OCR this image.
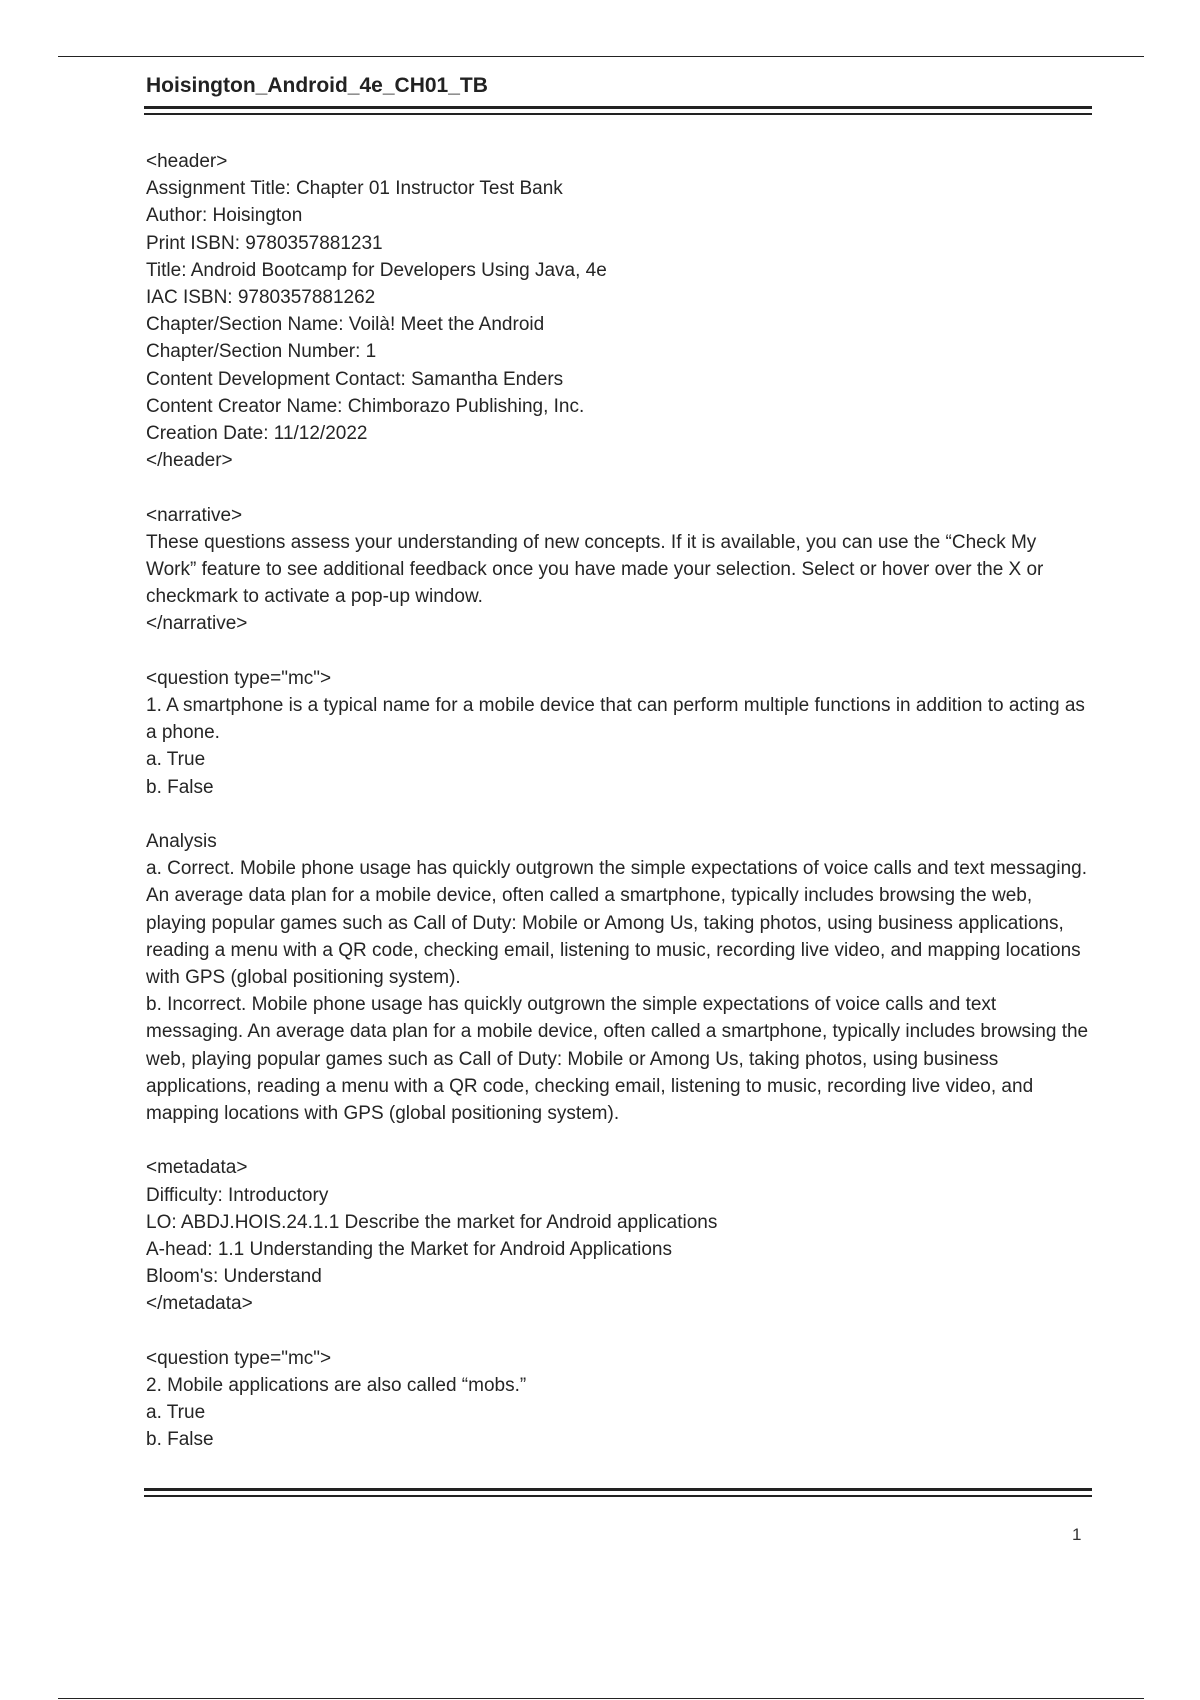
Hoisington_Android_4e_CH01_TB
<header>
Assignment Title: Chapter 01 Instructor Test Bank
Author: Hoisington
Print ISBN: 9780357881231
Title: Android Bootcamp for Developers Using Java, 4e
IAC ISBN: 9780357881262
Chapter/Section Name: Voilà! Meet the Android
Chapter/Section Number: 1
Content Development Contact: Samantha Enders
Content Creator Name: Chimborazo Publishing, Inc.
Creation Date: 11/12/2022
</header>
<narrative>
These questions assess your understanding of new concepts. If it is available, you can use the “Check My Work” feature to see additional feedback once you have made your selection. Select or hover over the X or checkmark to activate a pop-up window.
</narrative>
<question type="mc">
1. A smartphone is a typical name for a mobile device that can perform multiple functions in addition to acting as a phone.
a. True
b. False
Analysis
a. Correct. Mobile phone usage has quickly outgrown the simple expectations of voice calls and text messaging. An average data plan for a mobile device, often called a smartphone, typically includes browsing the web, playing popular games such as Call of Duty: Mobile or Among Us, taking photos, using business applications, reading a menu with a QR code, checking email, listening to music, recording live video, and mapping locations with GPS (global positioning system).
b. Incorrect. Mobile phone usage has quickly outgrown the simple expectations of voice calls and text messaging. An average data plan for a mobile device, often called a smartphone, typically includes browsing the web, playing popular games such as Call of Duty: Mobile or Among Us, taking photos, using business applications, reading a menu with a QR code, checking email, listening to music, recording live video, and mapping locations with GPS (global positioning system).
<metadata>
Difficulty: Introductory
LO: ABDJ.HOIS.24.1.1 Describe the market for Android applications
A-head: 1.1 Understanding the Market for Android Applications
Bloom's: Understand
</metadata>
<question type="mc">
2. Mobile applications are also called “mobs.”
a. True
b. False
1
